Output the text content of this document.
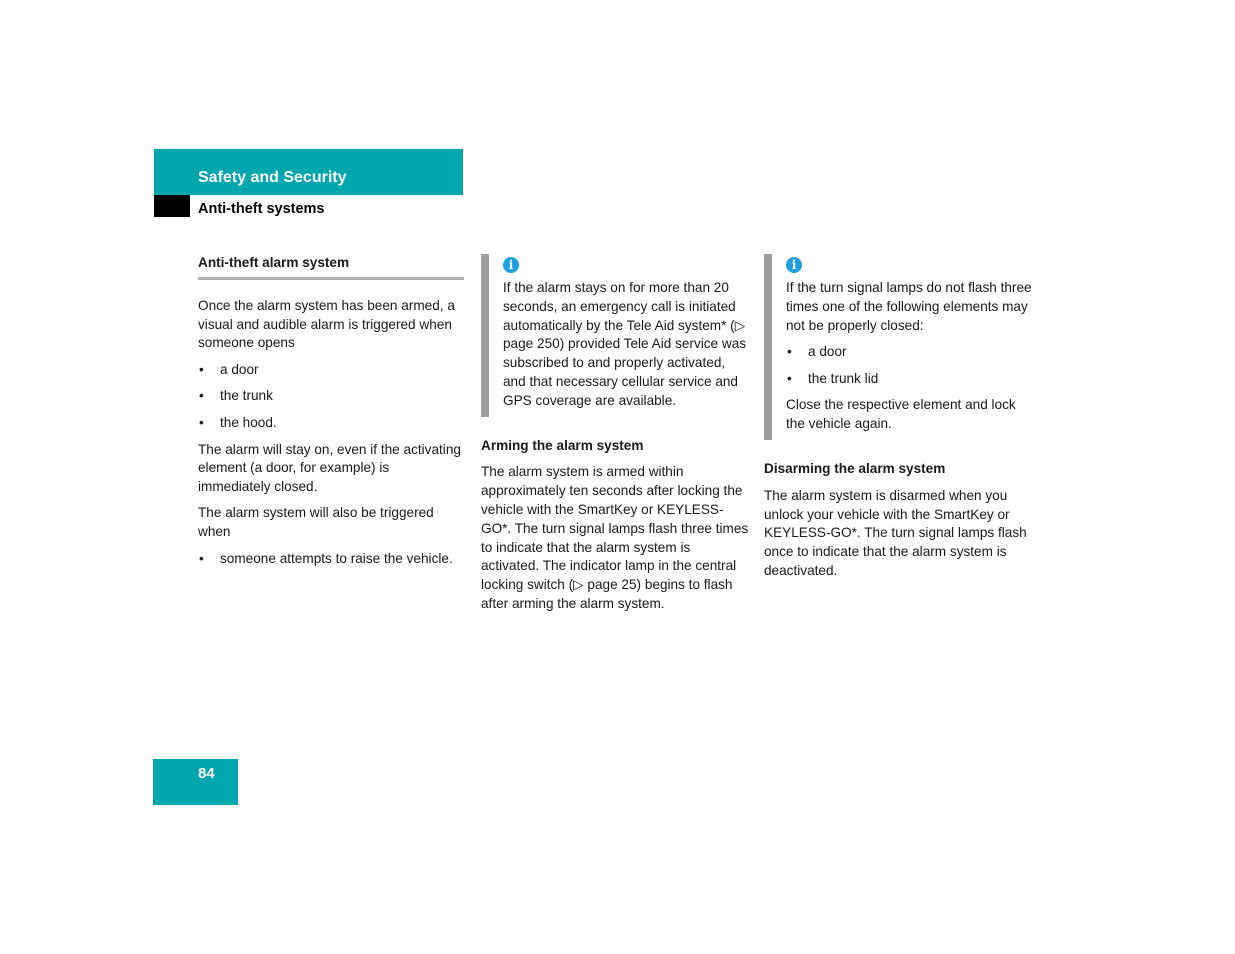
Safety and Security
Anti-theft systems
Anti-theft alarm system

Once the alarm system has been armed, a visual and audible alarm is triggered when someone opens

• a door
• the trunk
• the hood.

The alarm will stay on, even if the activating element (a door, for example) is immediately closed.

The alarm system will also be triggered when

• someone attempts to raise the vehicle.
i

If the alarm stays on for more than 20 seconds, an emergency call is initiated automatically by the Tele Aid system* (▷ page 250) provided Tele Aid service was subscribed to and properly activated, and that necessary cellular service and GPS coverage are available.

Arming the alarm system

The alarm system is armed within approximately ten seconds after locking the vehicle with the SmartKey or KEYLESS-GO*. The turn signal lamps flash three times to indicate that the alarm system is activated. The indicator lamp in the central locking switch (▷ page 25) begins to flash after arming the alarm system.

i

If the turn signal lamps do not flash three times one of the following elements may not be properly closed:

• a door
• the trunk lid

Close the respective element and lock the vehicle again.

Disarming the alarm system

The alarm system is disarmed when you unlock your vehicle with the SmartKey or KEYLESS-GO*. The turn signal lamps flash once to indicate that the alarm system is deactivated.

84
